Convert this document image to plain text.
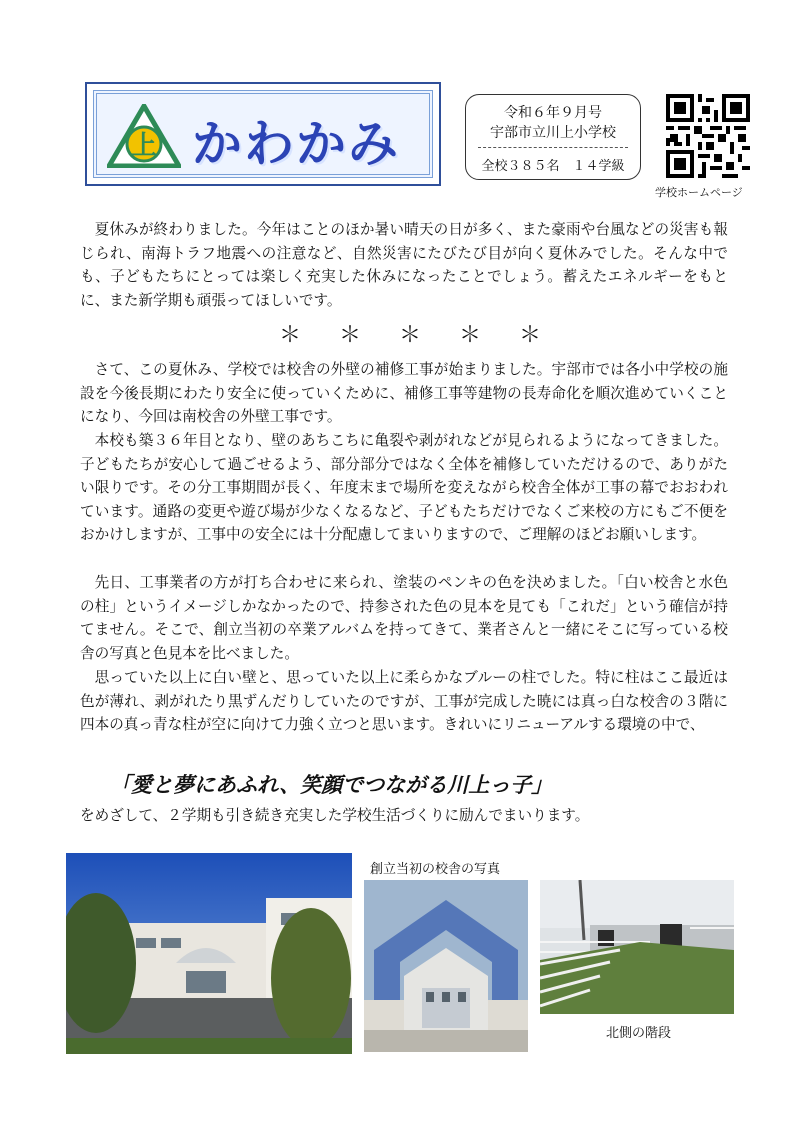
上 かわかみ
令和６年９月号
宇部市立川上小学校
全校３８５名　１４学級
学校ホームページ
夏休みが終わりました。今年はことのほか暑い晴天の日が多く、また豪雨や台風などの災害も報じられ、南海トラフ地震への注意など、自然災害にたびたび目が向く夏休みでした。そんな中でも、子どもたちにとっては楽しく充実した休みになったことでしょう。蓄えたエネルギーをもとに、また新学期も頑張ってほしいです。
＊ ＊ ＊ ＊ ＊
さて、この夏休み、学校では校舎の外壁の補修工事が始まりました。宇部市では各小中学校の施設を今後長期にわたり安全に使っていくために、補修工事等建物の長寿命化を順次進めていくことになり、今回は南校舎の外壁工事です。
本校も築３６年目となり、壁のあちこちに亀裂や剥がれなどが見られるようになってきました。子どもたちが安心して過ごせるよう、部分部分ではなく全体を補修していただけるので、ありがたい限りです。その分工事期間が長く、年度末まで場所を変えながら校舎全体が工事の幕でおおわれています。通路の変更や遊び場が少なくなるなど、子どもたちだけでなくご来校の方にもご不便をおかけしますが、工事中の安全には十分配慮してまいりますので、ご理解のほどお願いします。
先日、工事業者の方が打ち合わせに来られ、塗装のペンキの色を決めました。「白い校舎と水色の柱」というイメージしかなかったので、持参された色の見本を見ても「これだ」という確信が持てません。そこで、創立当初の卒業アルバムを持ってきて、業者さんと一緒にそこに写っている校舎の写真と色見本を比べました。
思っていた以上に白い壁と、思っていた以上に柔らかなブルーの柱でした。特に柱はここ最近は色が薄れ、剥がれたり黒ずんだりしていたのですが、工事が完成した暁には真っ白な校舎の３階に四本の真っ青な柱が空に向けて力強く立つと思います。きれいにリニューアルする環境の中で、
「愛と夢にあふれ、笑顔でつながる川上っ子」
をめざして、２学期も引き続き充実した学校生活づくりに励んでまいります。
創立当初の校舎の写真
北側の階段
